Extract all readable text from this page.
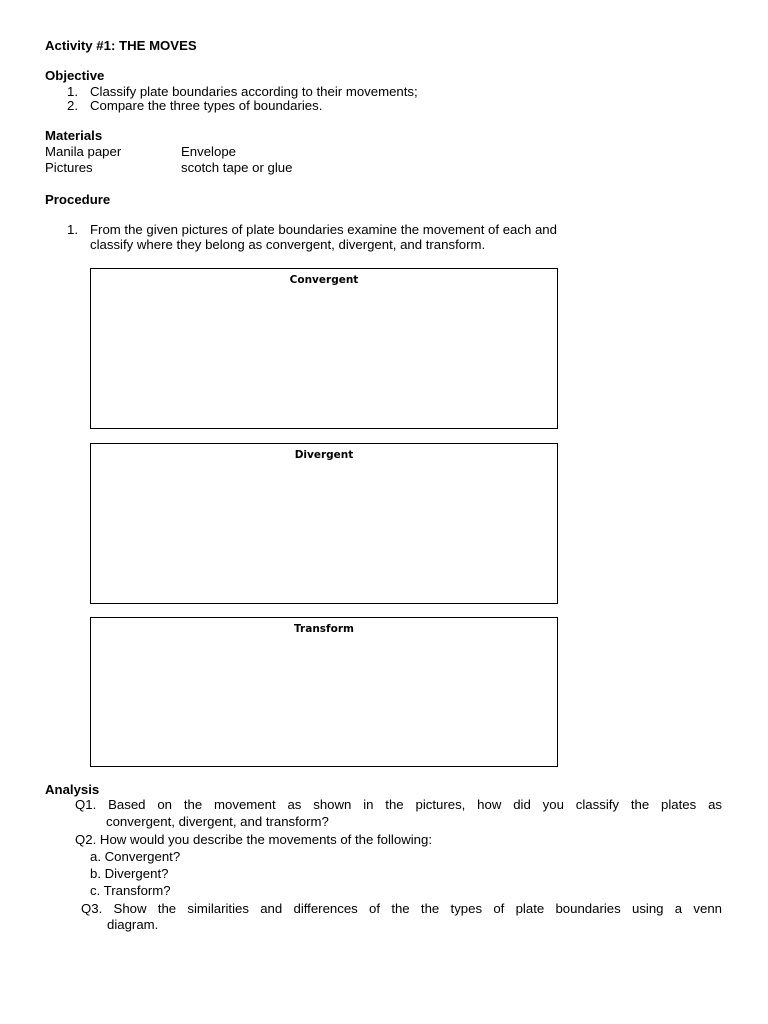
Activity #1: THE MOVES
Objective
1. Classify plate boundaries according to their movements;
2. Compare the three types of boundaries.
Materials
Manila paper	Envelope
Pictures	scotch tape or glue
Procedure
1. From the given pictures of plate boundaries examine the movement of each and
classify where they belong as convergent, divergent, and transform.
Convergent
Divergent
Transform
Analysis
Q1. Based on the movement as shown in the pictures, how did you classify the plates as
convergent, divergent, and transform?
Q2. How would you describe the movements of the following:
a. Convergent?
b. Divergent?
c. Transform?
Q3. Show the similarities and differences of the the types of plate boundaries using a venn
diagram.
